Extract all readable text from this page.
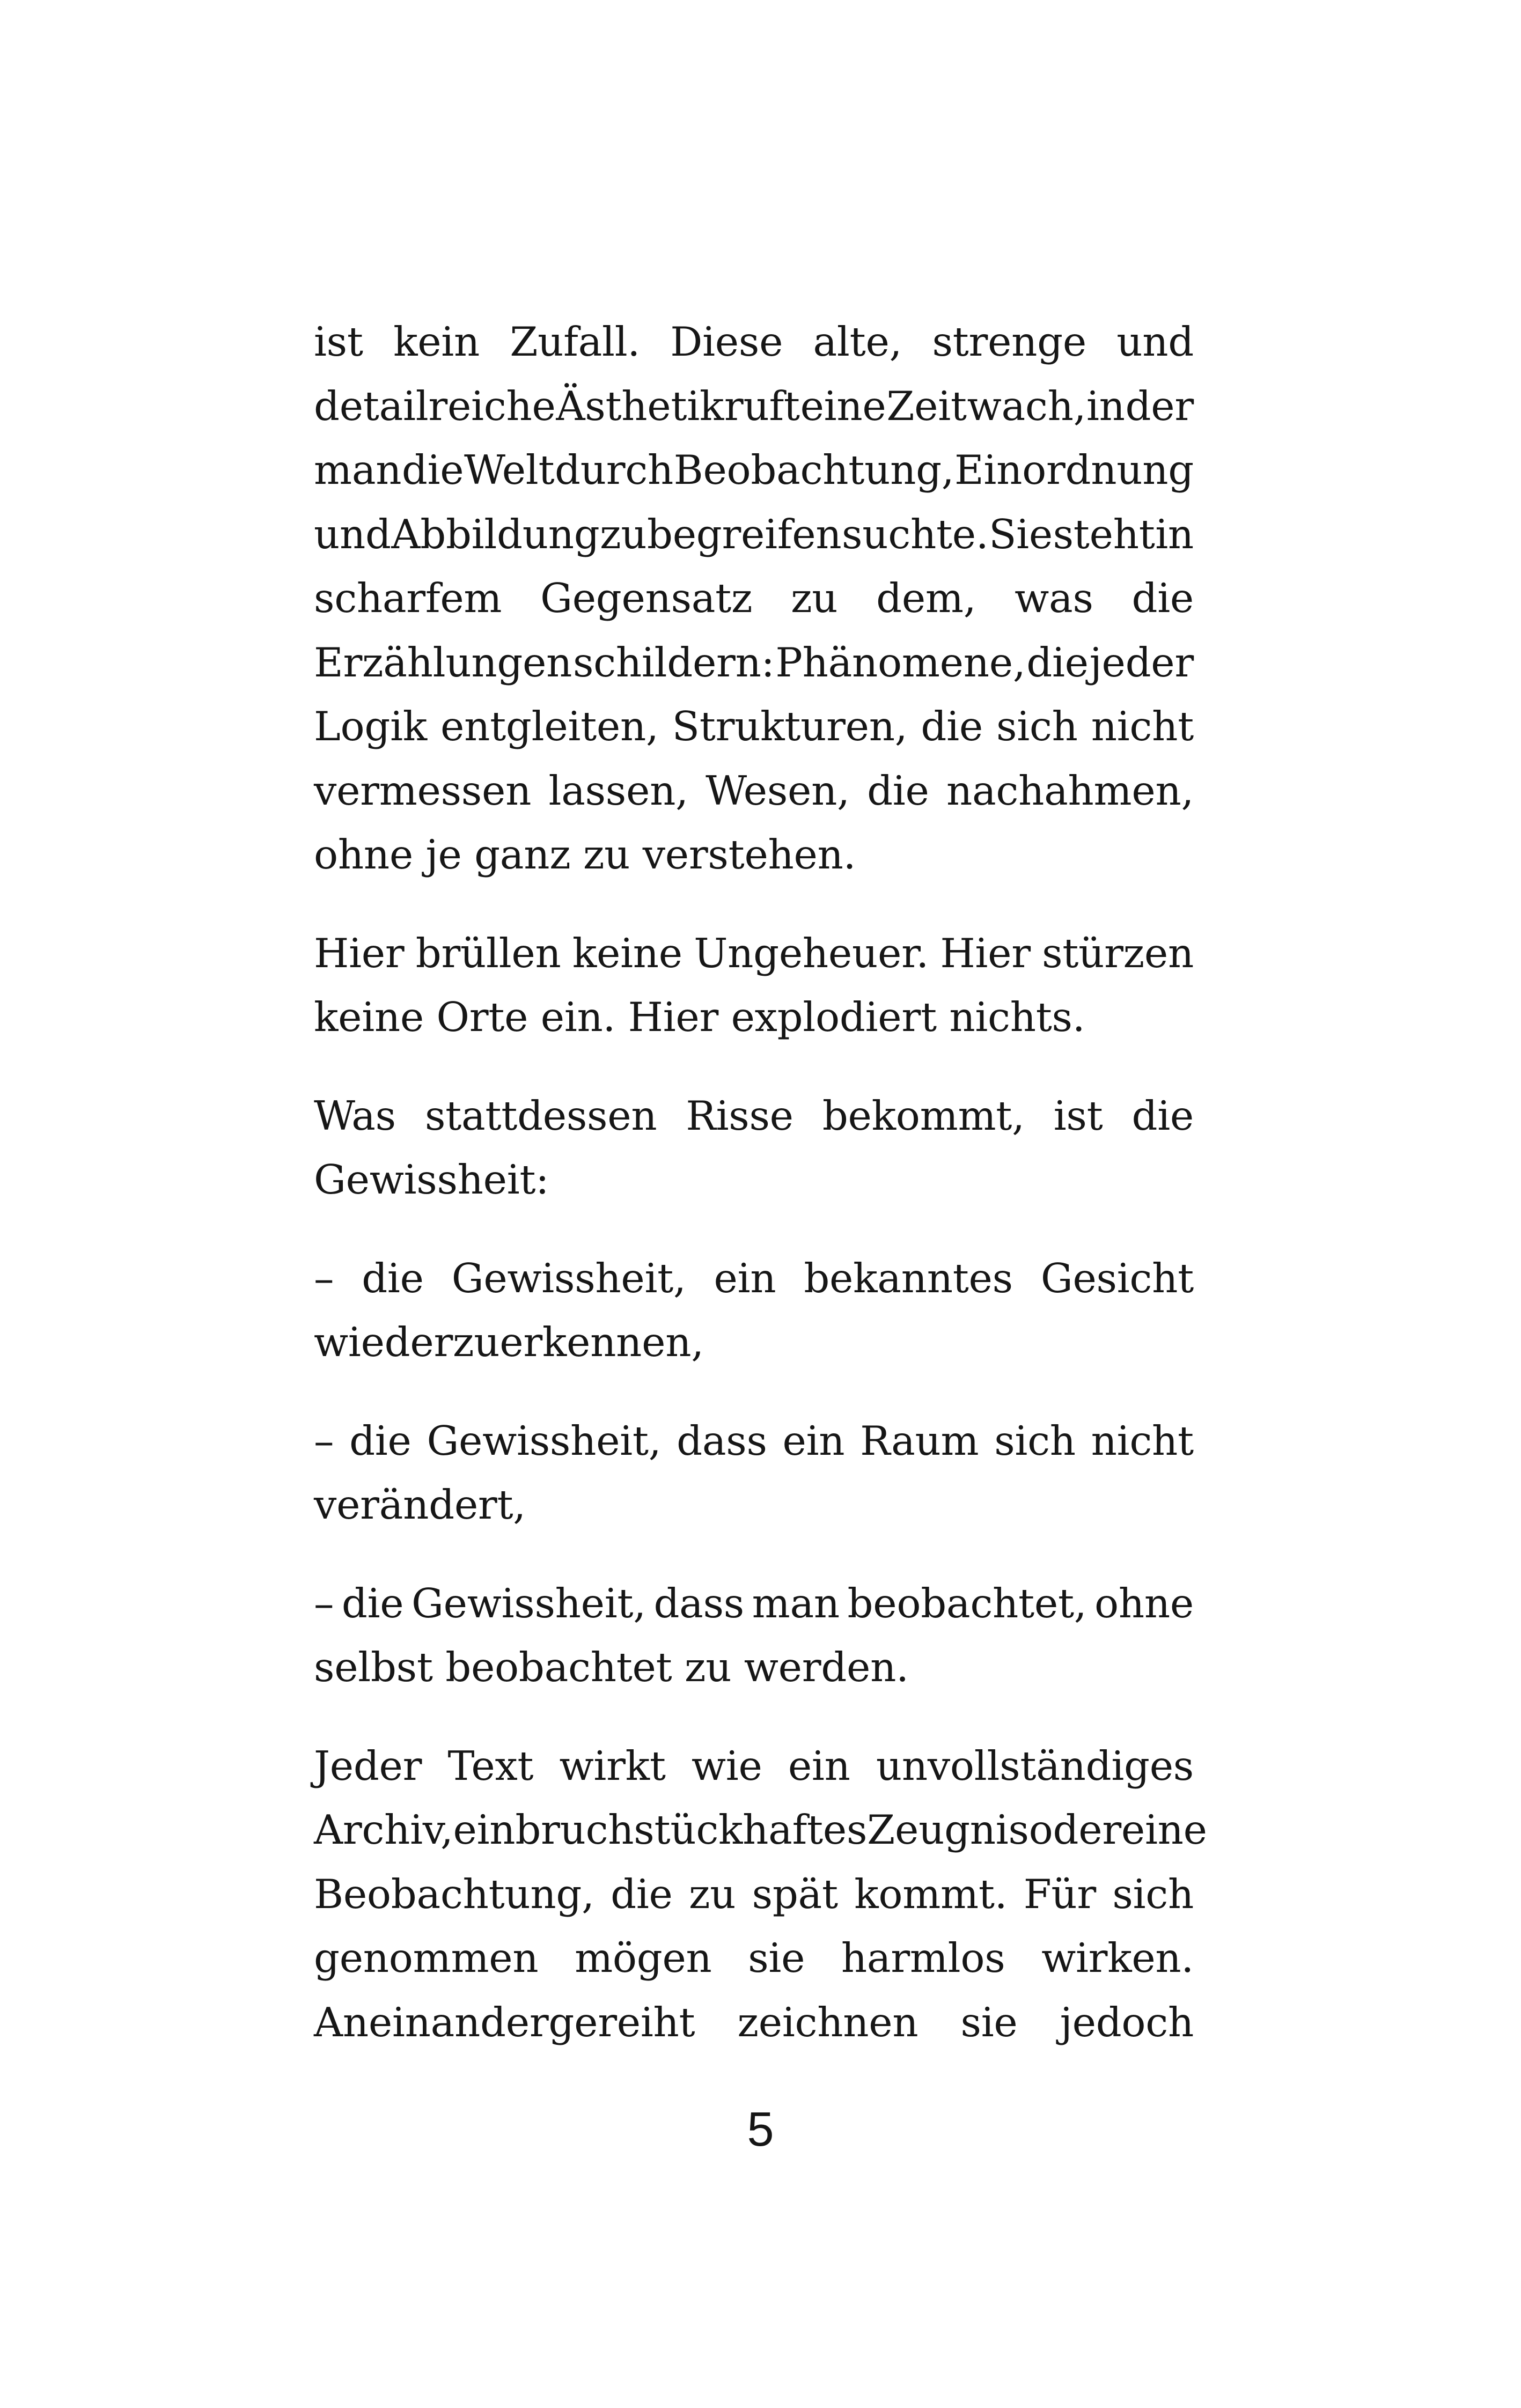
ist kein Zufall. Diese alte, strenge und
detailreiche Ästhetik ruft eine Zeit wach, in der
man die Welt durch Beobachtung, Einordnung
und Abbildung zu begreifen suchte. Sie steht in
scharfem Gegensatz zu dem, was die
Erzählungen schildern: Phänomene, die jeder
Logik entgleiten, Strukturen, die sich nicht
vermessen lassen, Wesen, die nachahmen,
ohne je ganz zu verstehen.
Hier brüllen keine Ungeheuer. Hier stürzen
keine Orte ein. Hier explodiert nichts.
Was stattdessen Risse bekommt, ist die
Gewissheit:
– die Gewissheit, ein bekanntes Gesicht
wiederzuerkennen,
– die Gewissheit, dass ein Raum sich nicht
verändert,
– die Gewissheit, dass man beobachtet, ohne
selbst beobachtet zu werden.
Jeder Text wirkt wie ein unvollständiges
Archiv, ein bruchstückhaftes Zeugnis oder eine
Beobachtung, die zu spät kommt. Für sich
genommen mögen sie harmlos wirken.
Aneinandergereiht zeichnen sie jedoch
5
